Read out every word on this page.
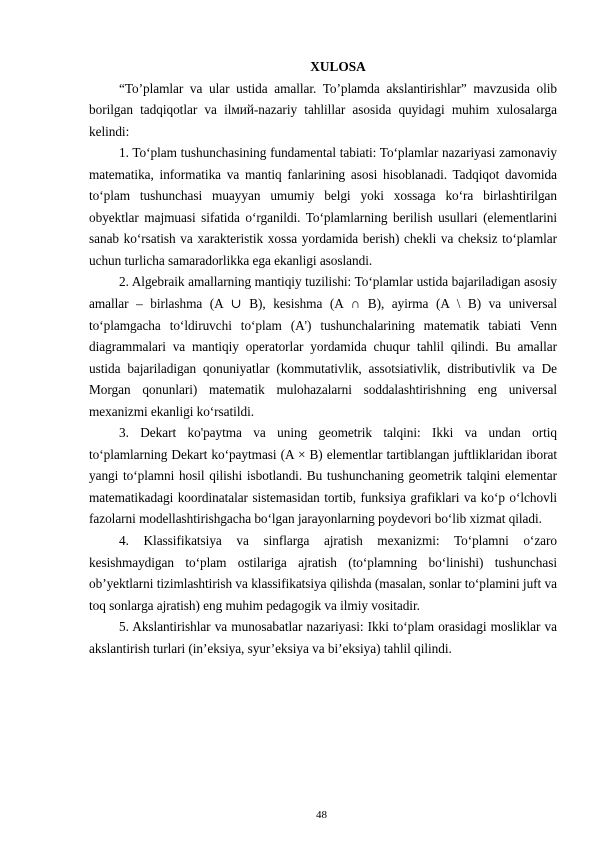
XULOSA

“To’plamlar va ular ustida amallar. To’plamda akslantirishlar” mavzusida olib borilgan tadqiqotlar va ilмий-nazariy tahlillar asosida quyidagi muhim xulosalarga kelindi:

1. To‘plam tushunchasining fundamental tabiati: To‘plamlar nazariyasi zamonaviy matematika, informatika va mantiq fanlarining asosi hisoblanadi. Tadqiqot davomida to‘plam tushunchasi muayyan umumiy belgi yoki xossaga ko‘ra birlashtirilgan obyektlar majmuasi sifatida o‘rganildi. To‘plamlarning berilish usullari (elementlarini sanab ko‘rsatish va xarakteristik xossa yordamida berish) chekli va cheksiz to‘plamlar uchun turlicha samaradorlikka ega ekanligi asoslandi.

2. Algebraik amallarning mantiqiy tuzilishi: To‘plamlar ustida bajariladigan asosiy amallar – birlashma (A ∪ B), kesishma (A ∩ B), ayirma (A \ B) va universal to‘plamgacha to‘ldiruvchi to‘plam (A') tushunchalarining matematik tabiati Venn diagrammalari va mantiqiy operatorlar yordamida chuqur tahlil qilindi. Bu amallar ustida bajariladigan qonuniyatlar (kommutativlik, assotsiativlik, distributivlik va De Morgan qonunlari) matematik mulohazalarni soddalashtirishning eng universal mexanizmi ekanligi ko‘rsatildi.

3. Dekart ko'paytma va uning geometrik talqini: Ikki va undan ortiq to‘plamlarning Dekart ko‘paytmasi (A × B) elementlar tartiblangan juftliklaridan iborat yangi to‘plamni hosil qilishi isbotlandi. Bu tushunchaning geometrik talqini elementar matematikadagi koordinatalar sistemasidan tortib, funksiya grafiklari va ko‘p o‘lchovli fazolarni modellashtirishgacha bo‘lgan jarayonlarning poydevori bo‘lib xizmat qiladi.

4. Klassifikatsiya va sinflarga ajratish mexanizmi: To‘plamni o‘zaro kesishmaydigan to‘plam ostilariga ajratish (to‘plamning bo‘linishi) tushunchasi ob’yektlarni tizimlashtirish va klassifikatsiya qilishda (masalan, sonlar to‘plamini juft va toq sonlarga ajratish) eng muhim pedagogik va ilmiy vositadir.

5. Akslantirishlar va munosabatlar nazariyasi: Ikki to‘plam orasidagi mosliklar va akslantirish turlari (in’eksiya, syur’eksiya va bi’eksiya) tahlil qilindi.

48
